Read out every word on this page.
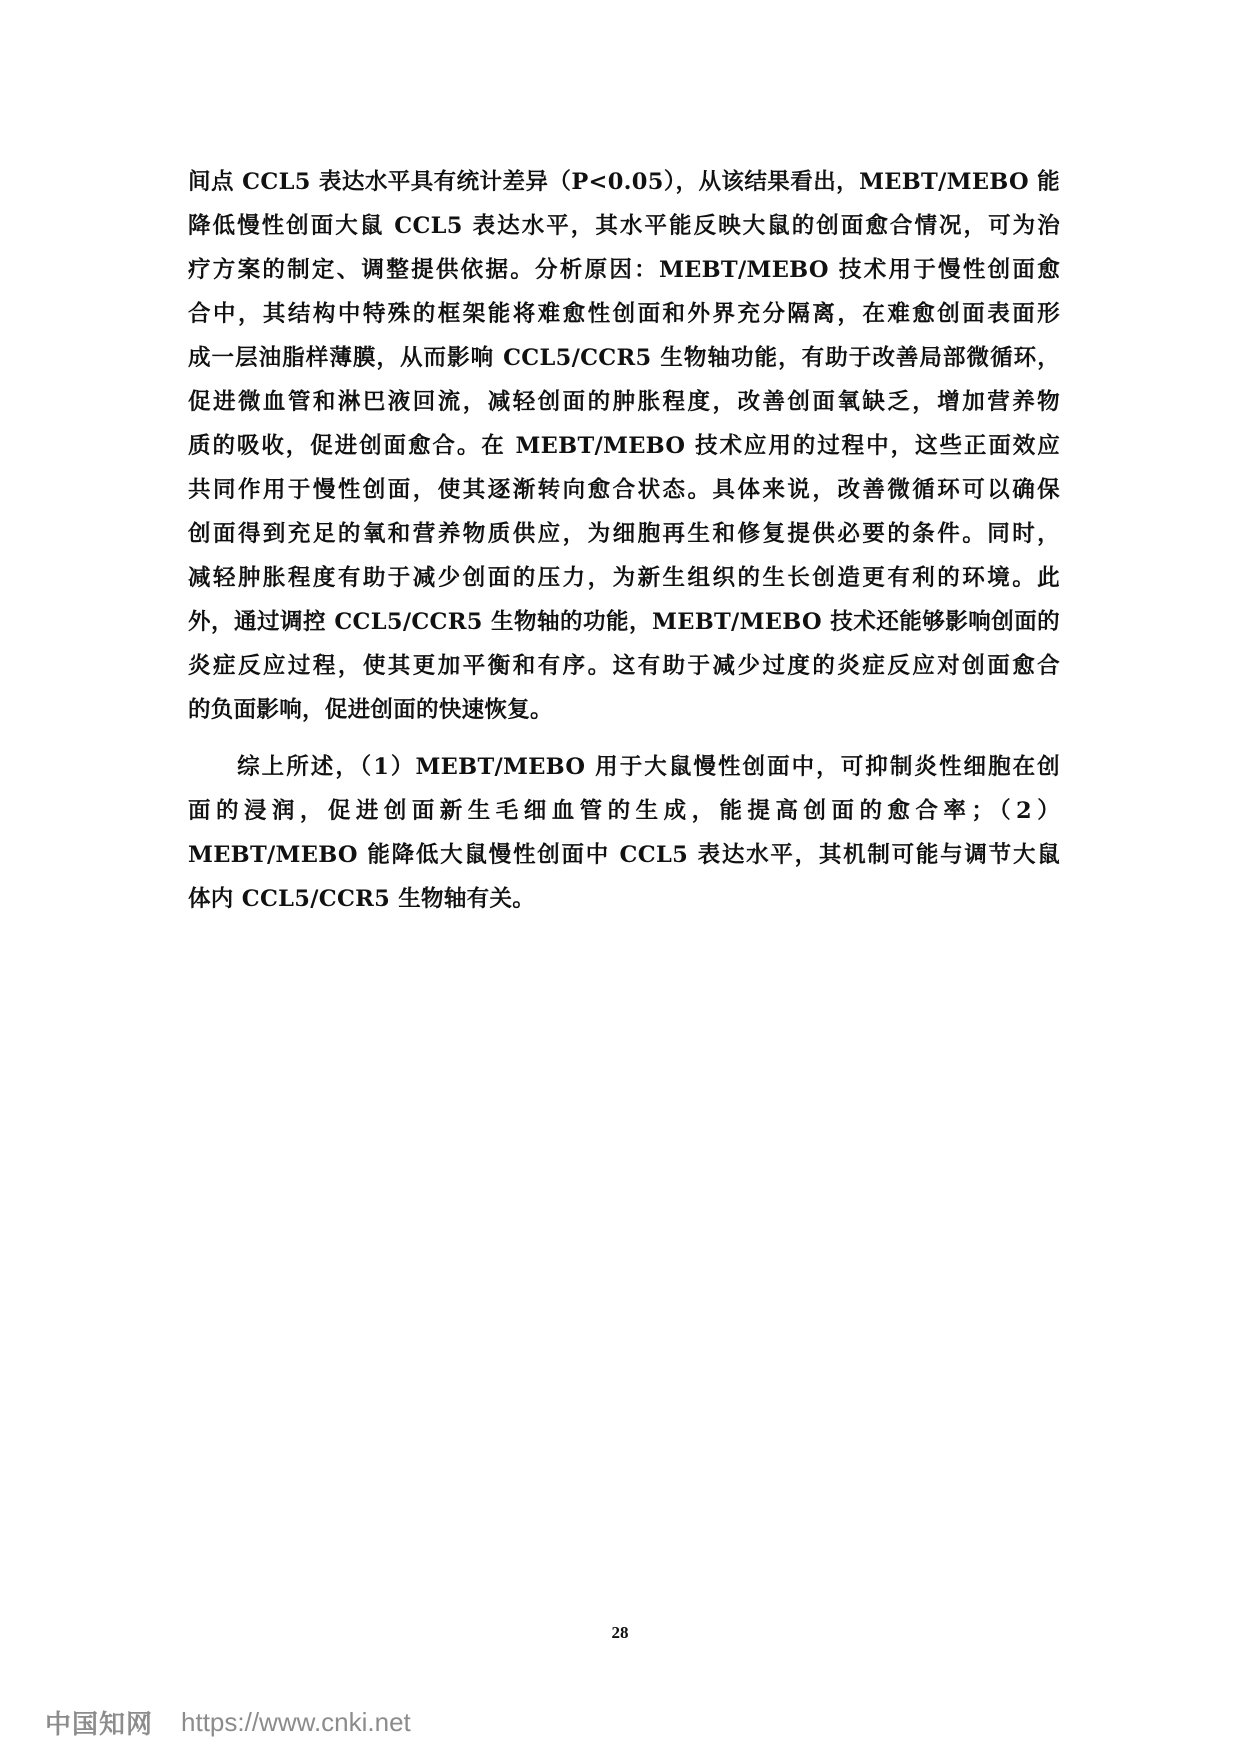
间点 CCL5 表达水平具有统计差异（P<0.05），从该结果看出，MEBT/MEBO 能
降低慢性创面大鼠 CCL5 表达水平，其水平能反映大鼠的创面愈合情况，可为治
疗方案的制定、调整提供依据。分析原因：MEBT/MEBO 技术用于慢性创面愈
合中，其结构中特殊的框架能将难愈性创面和外界充分隔离，在难愈创面表面形
成一层油脂样薄膜，从而影响 CCL5/CCR5 生物轴功能，有助于改善局部微循环，
促进微血管和淋巴液回流，减轻创面的肿胀程度，改善创面氧缺乏，增加营养物
质的吸收，促进创面愈合。在 MEBT/MEBO 技术应用的过程中，这些正面效应
共同作用于慢性创面，使其逐渐转向愈合状态。具体来说，改善微循环可以确保
创面得到充足的氧和营养物质供应，为细胞再生和修复提供必要的条件。同时，
减轻肿胀程度有助于减少创面的压力，为新生组织的生长创造更有利的环境。此
外，通过调控 CCL5/CCR5 生物轴的功能，MEBT/MEBO 技术还能够影响创面的
炎症反应过程，使其更加平衡和有序。这有助于减少过度的炎症反应对创面愈合
的负面影响，促进创面的快速恢复。
　　综上所述，（1）MEBT/MEBO 用于大鼠慢性创面中，可抑制炎性细胞在创
面的浸润，促进创面新生毛细血管的生成，能提高创面的愈合率；（2）
MEBT/MEBO 能降低大鼠慢性创面中 CCL5 表达水平，其机制可能与调节大鼠
体内 CCL5/CCR5 生物轴有关。
28
中国知网 https://www.cnki.net
